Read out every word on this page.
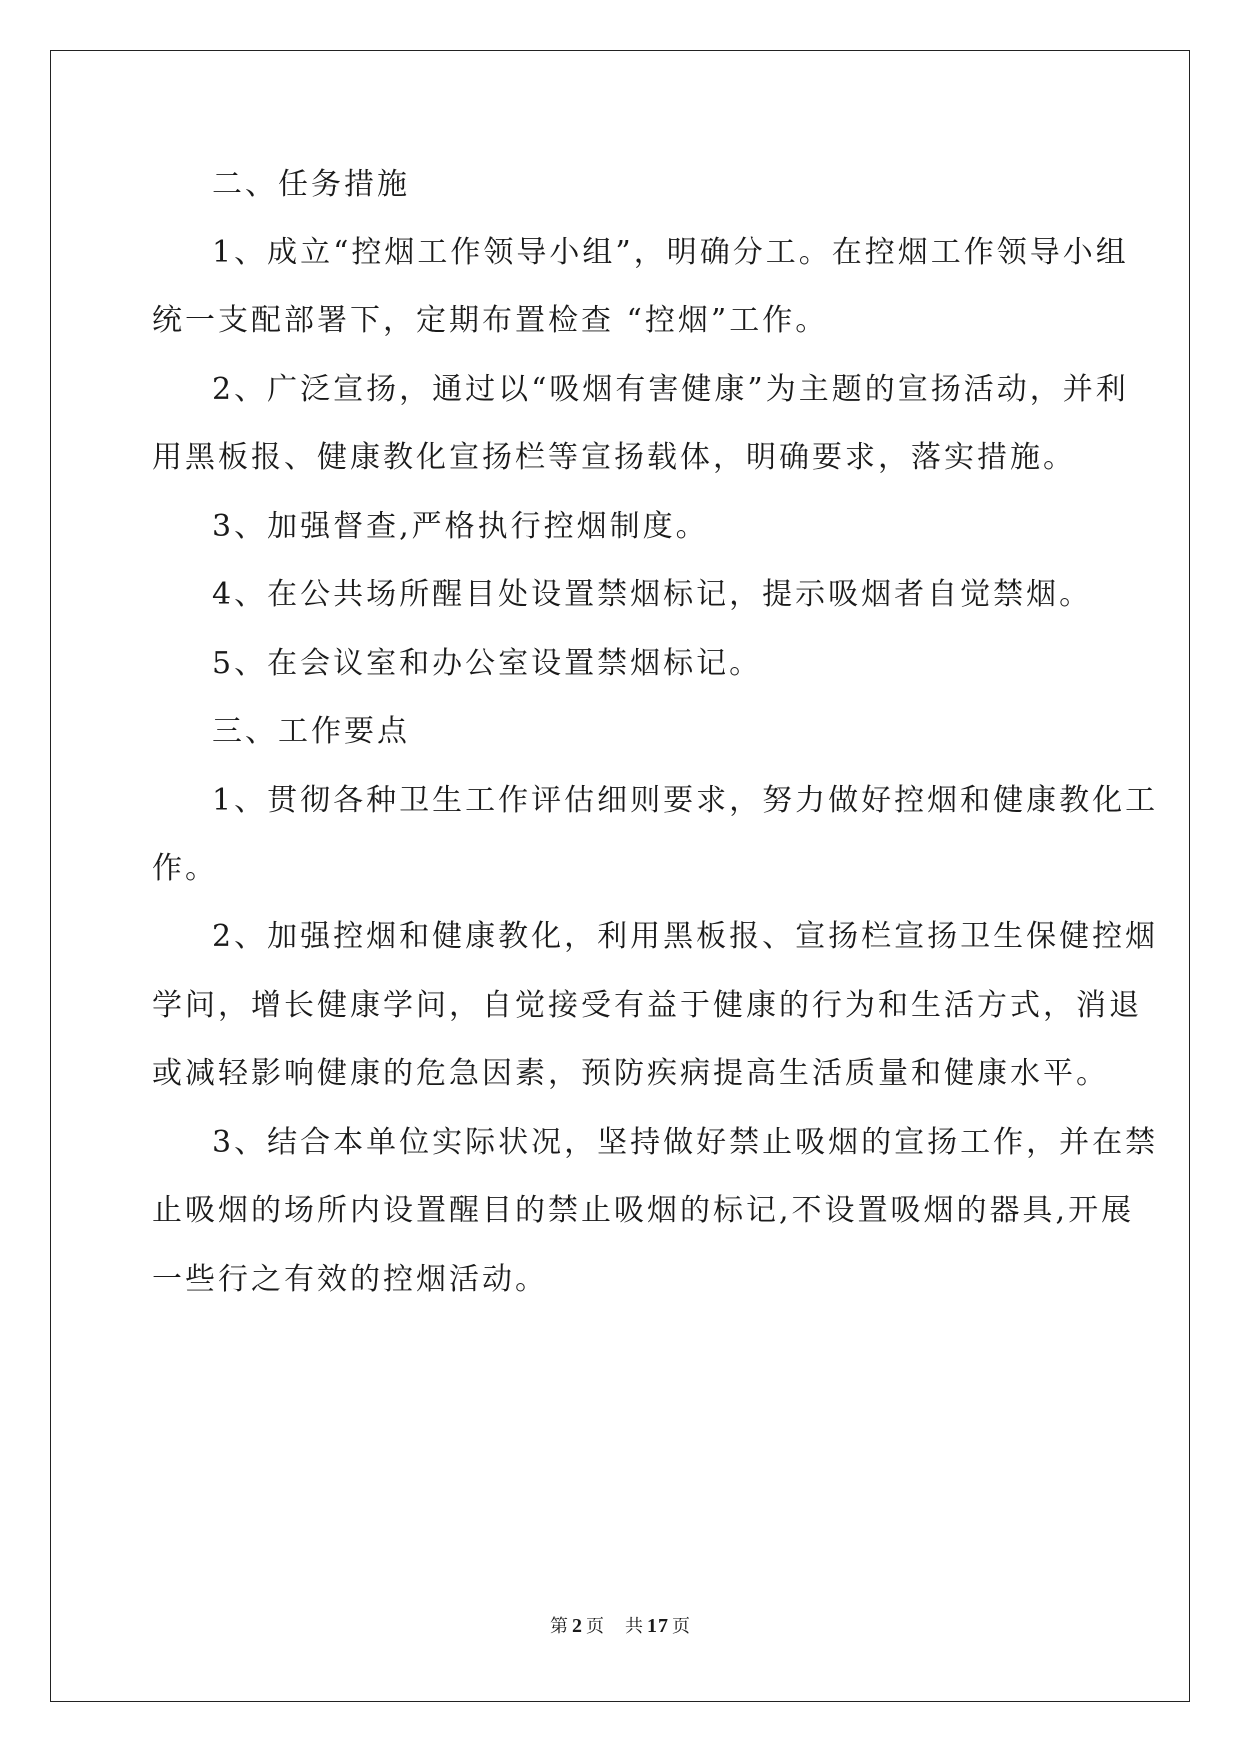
二、任务措施
1、成立“控烟工作领导小组”，明确分工。在控烟工作领导小组
统一支配部署下，定期布置检查 “控烟”工作。
2、广泛宣扬，通过以“吸烟有害健康”为主题的宣扬活动，并利
用黑板报、健康教化宣扬栏等宣扬载体，明确要求，落实措施。
3、加强督查,严格执行控烟制度。
4、在公共场所醒目处设置禁烟标记，提示吸烟者自觉禁烟。
5、在会议室和办公室设置禁烟标记。
三、工作要点
1、贯彻各种卫生工作评估细则要求，努力做好控烟和健康教化工
作。
2、加强控烟和健康教化，利用黑板报、宣扬栏宣扬卫生保健控烟
学问，增长健康学问，自觉接受有益于健康的行为和生活方式，消退
或减轻影响健康的危急因素，预防疾病提高生活质量和健康水平。
3、结合本单位实际状况，坚持做好禁止吸烟的宣扬工作，并在禁
止吸烟的场所内设置醒目的禁止吸烟的标记,不设置吸烟的器具,开展
一些行之有效的控烟活动。
第 2 页 共 17 页
